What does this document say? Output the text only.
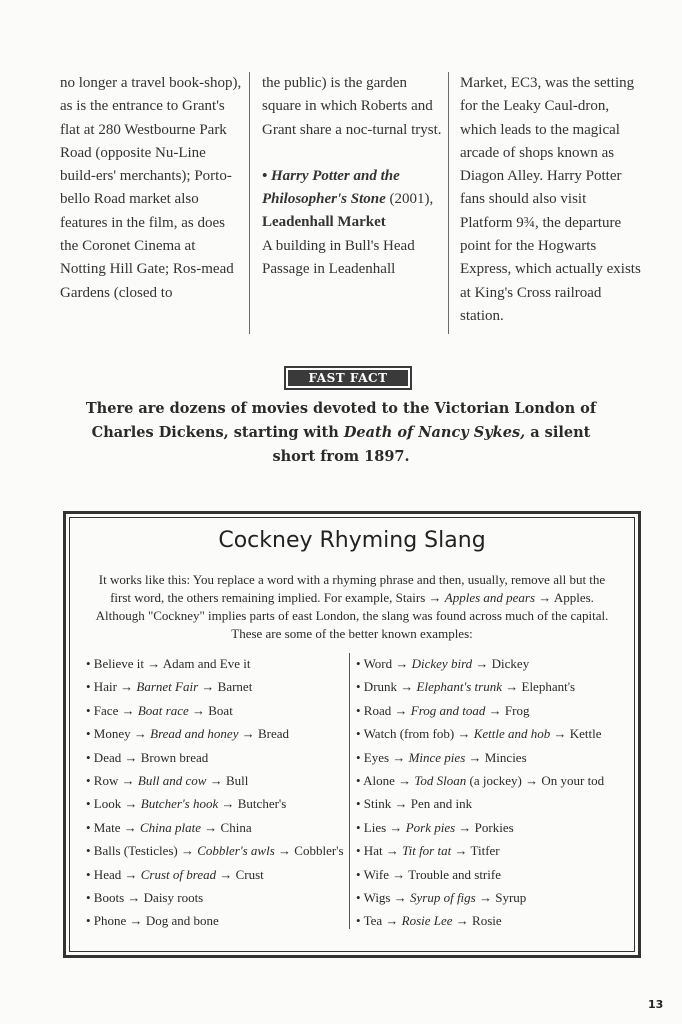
no longer a travel book-shop), as is the entrance to Grant's flat at 280 Westbourne Park Road (opposite Nu-Line build-ers' merchants); Porto-bello Road market also features in the film, as does the Coronet Cinema at Notting Hill Gate; Ros-mead Gardens (closed to

the public) is the garden square in which Roberts and Grant share a noc-turnal tryst.

• Harry Potter and the Philosopher's Stone (2001),
Leadenhall Market
A building in Bull's Head Passage in Leadenhall

Market, EC3, was the setting for the Leaky Caul-dron, which leads to the magical arcade of shops known as Diagon Alley. Harry Potter fans should also visit Platform 9¾, the departure point for the Hogwarts Express, which actually exists at King's Cross railroad station.

FAST FACT
There are dozens of movies devoted to the Victorian London of Charles Dickens, starting with Death of Nancy Sykes, a silent short from 1897.
Cockney Rhyming Slang
It works like this: You replace a word with a rhyming phrase and then, usually, remove all but the first word, the others remaining implied. For example, Stairs → Apples and pears → Apples. Although "Cockney" implies parts of east London, the slang was found across much of the capital. These are some of the better known examples:
• Believe it → Adam and Eve it
• Hair → Barnet Fair → Barnet
• Face → Boat race → Boat
• Money → Bread and honey → Bread
• Dead → Brown bread
• Row → Bull and cow → Bull
• Look → Butcher's hook → Butcher's
• Mate → China plate → China
• Balls (Testicles) → Cobbler's awls → Cobbler's
• Head → Crust of bread → Crust
• Boots → Daisy roots
• Phone → Dog and bone
• Word → Dickey bird → Dickey
• Drunk → Elephant's trunk → Elephant's
• Road → Frog and toad → Frog
• Watch (from fob) → Kettle and hob → Kettle
• Eyes → Mince pies → Mincies
• Alone → Tod Sloan (a jockey) → On your tod
• Stink → Pen and ink
• Lies → Pork pies → Porkies
• Hat → Tit for tat → Titfer
• Wife → Trouble and strife
• Wigs → Syrup of figs → Syrup
• Tea → Rosie Lee → Rosie
13
